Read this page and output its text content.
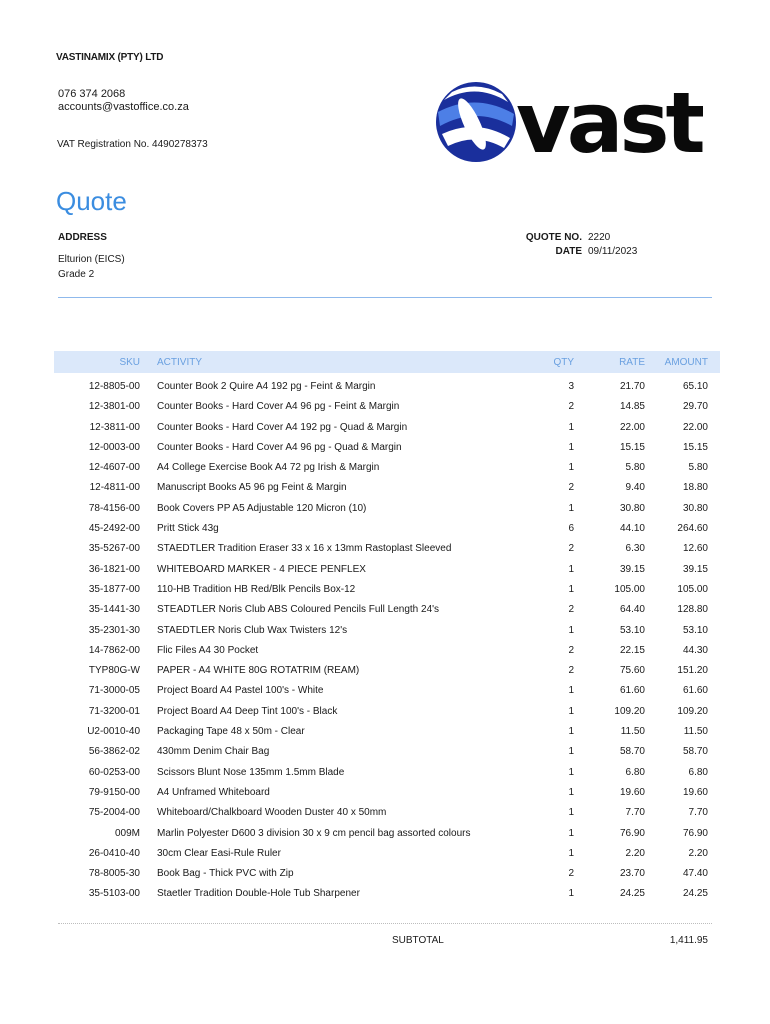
VASTINAMIX (PTY) LTD
076 374 2068
accounts@vastoffice.co.za
VAT Registration No. 4490278373	vast
Quote
ADDRESS
Elturion (EICS)
Grade 2
QUOTE NO. 2220
DATE 09/11/2023
SKU ACTIVITY	QTY	RATE	AMOUNT
12-8805-00 Counter Book 2 Quire A4 192 pg - Feint & Margin	3	21.70	65.10
12-3801-00 Counter Books - Hard Cover A4 96 pg - Feint & Margin	2	14.85	29.70
12-3811-00 Counter Books - Hard Cover A4 192 pg - Quad & Margin	1	22.00	22.00
12-0003-00 Counter Books - Hard Cover A4 96 pg - Quad & Margin	1	15.15	15.15
12-4607-00 A4 College Exercise Book A4 72 pg Irish & Margin	1	5.80	5.80
12-4811-00 Manuscript Books A5 96 pg Feint & Margin	2	9.40	18.80
78-4156-00 Book Covers PP A5 Adjustable 120 Micron (10)	1	30.80	30.80
45-2492-00 Pritt Stick 43g	6	44.10	264.60
35-5267-00 STAEDTLER Tradition Eraser 33 x 16 x 13mm Rastoplast Sleeved	2	6.30	12.60
36-1821-00 WHITEBOARD MARKER - 4 PIECE PENFLEX	1	39.15	39.15
35-1877-00 110-HB Tradition HB Red/Blk Pencils Box-12	1	105.00	105.00
35-1441-30 STEADTLER Noris Club ABS Coloured Pencils Full Length 24's	2	64.40	128.80
35-2301-30 STAEDTLER Noris Club Wax Twisters 12's	1	53.10	53.10
14-7862-00 Flic Files A4 30 Pocket	2	22.15	44.30
TYP80G-W PAPER - A4 WHITE 80G ROTATRIM (REAM)	2	75.60	151.20
71-3000-05 Project Board A4 Pastel 100's - White	1	61.60	61.60
71-3200-01 Project Board A4 Deep Tint 100's - Black	1	109.20	109.20
U2-0010-40 Packaging Tape 48 x 50m - Clear	1	11.50	11.50
56-3862-02 430mm Denim Chair Bag	1	58.70	58.70
60-0253-00 Scissors Blunt Nose 135mm 1.5mm Blade	1	6.80	6.80
79-9150-00 A4 Unframed Whiteboard	1	19.60	19.60
75-2004-00 Whiteboard/Chalkboard Wooden Duster 40 x 50mm	1	7.70	7.70
009M Marlin Polyester D600 3 division 30 x 9 cm pencil bag assorted colours	1	76.90	76.90
26-0410-40 30cm Clear Easi-Rule Ruler	1	2.20	2.20
78-8005-30 Book Bag - Thick PVC with Zip	2	23.70	47.40
35-5103-00 Staetler Tradition Double-Hole Tub Sharpener	1	24.25	24.25
SUBTOTAL	1,411.95
